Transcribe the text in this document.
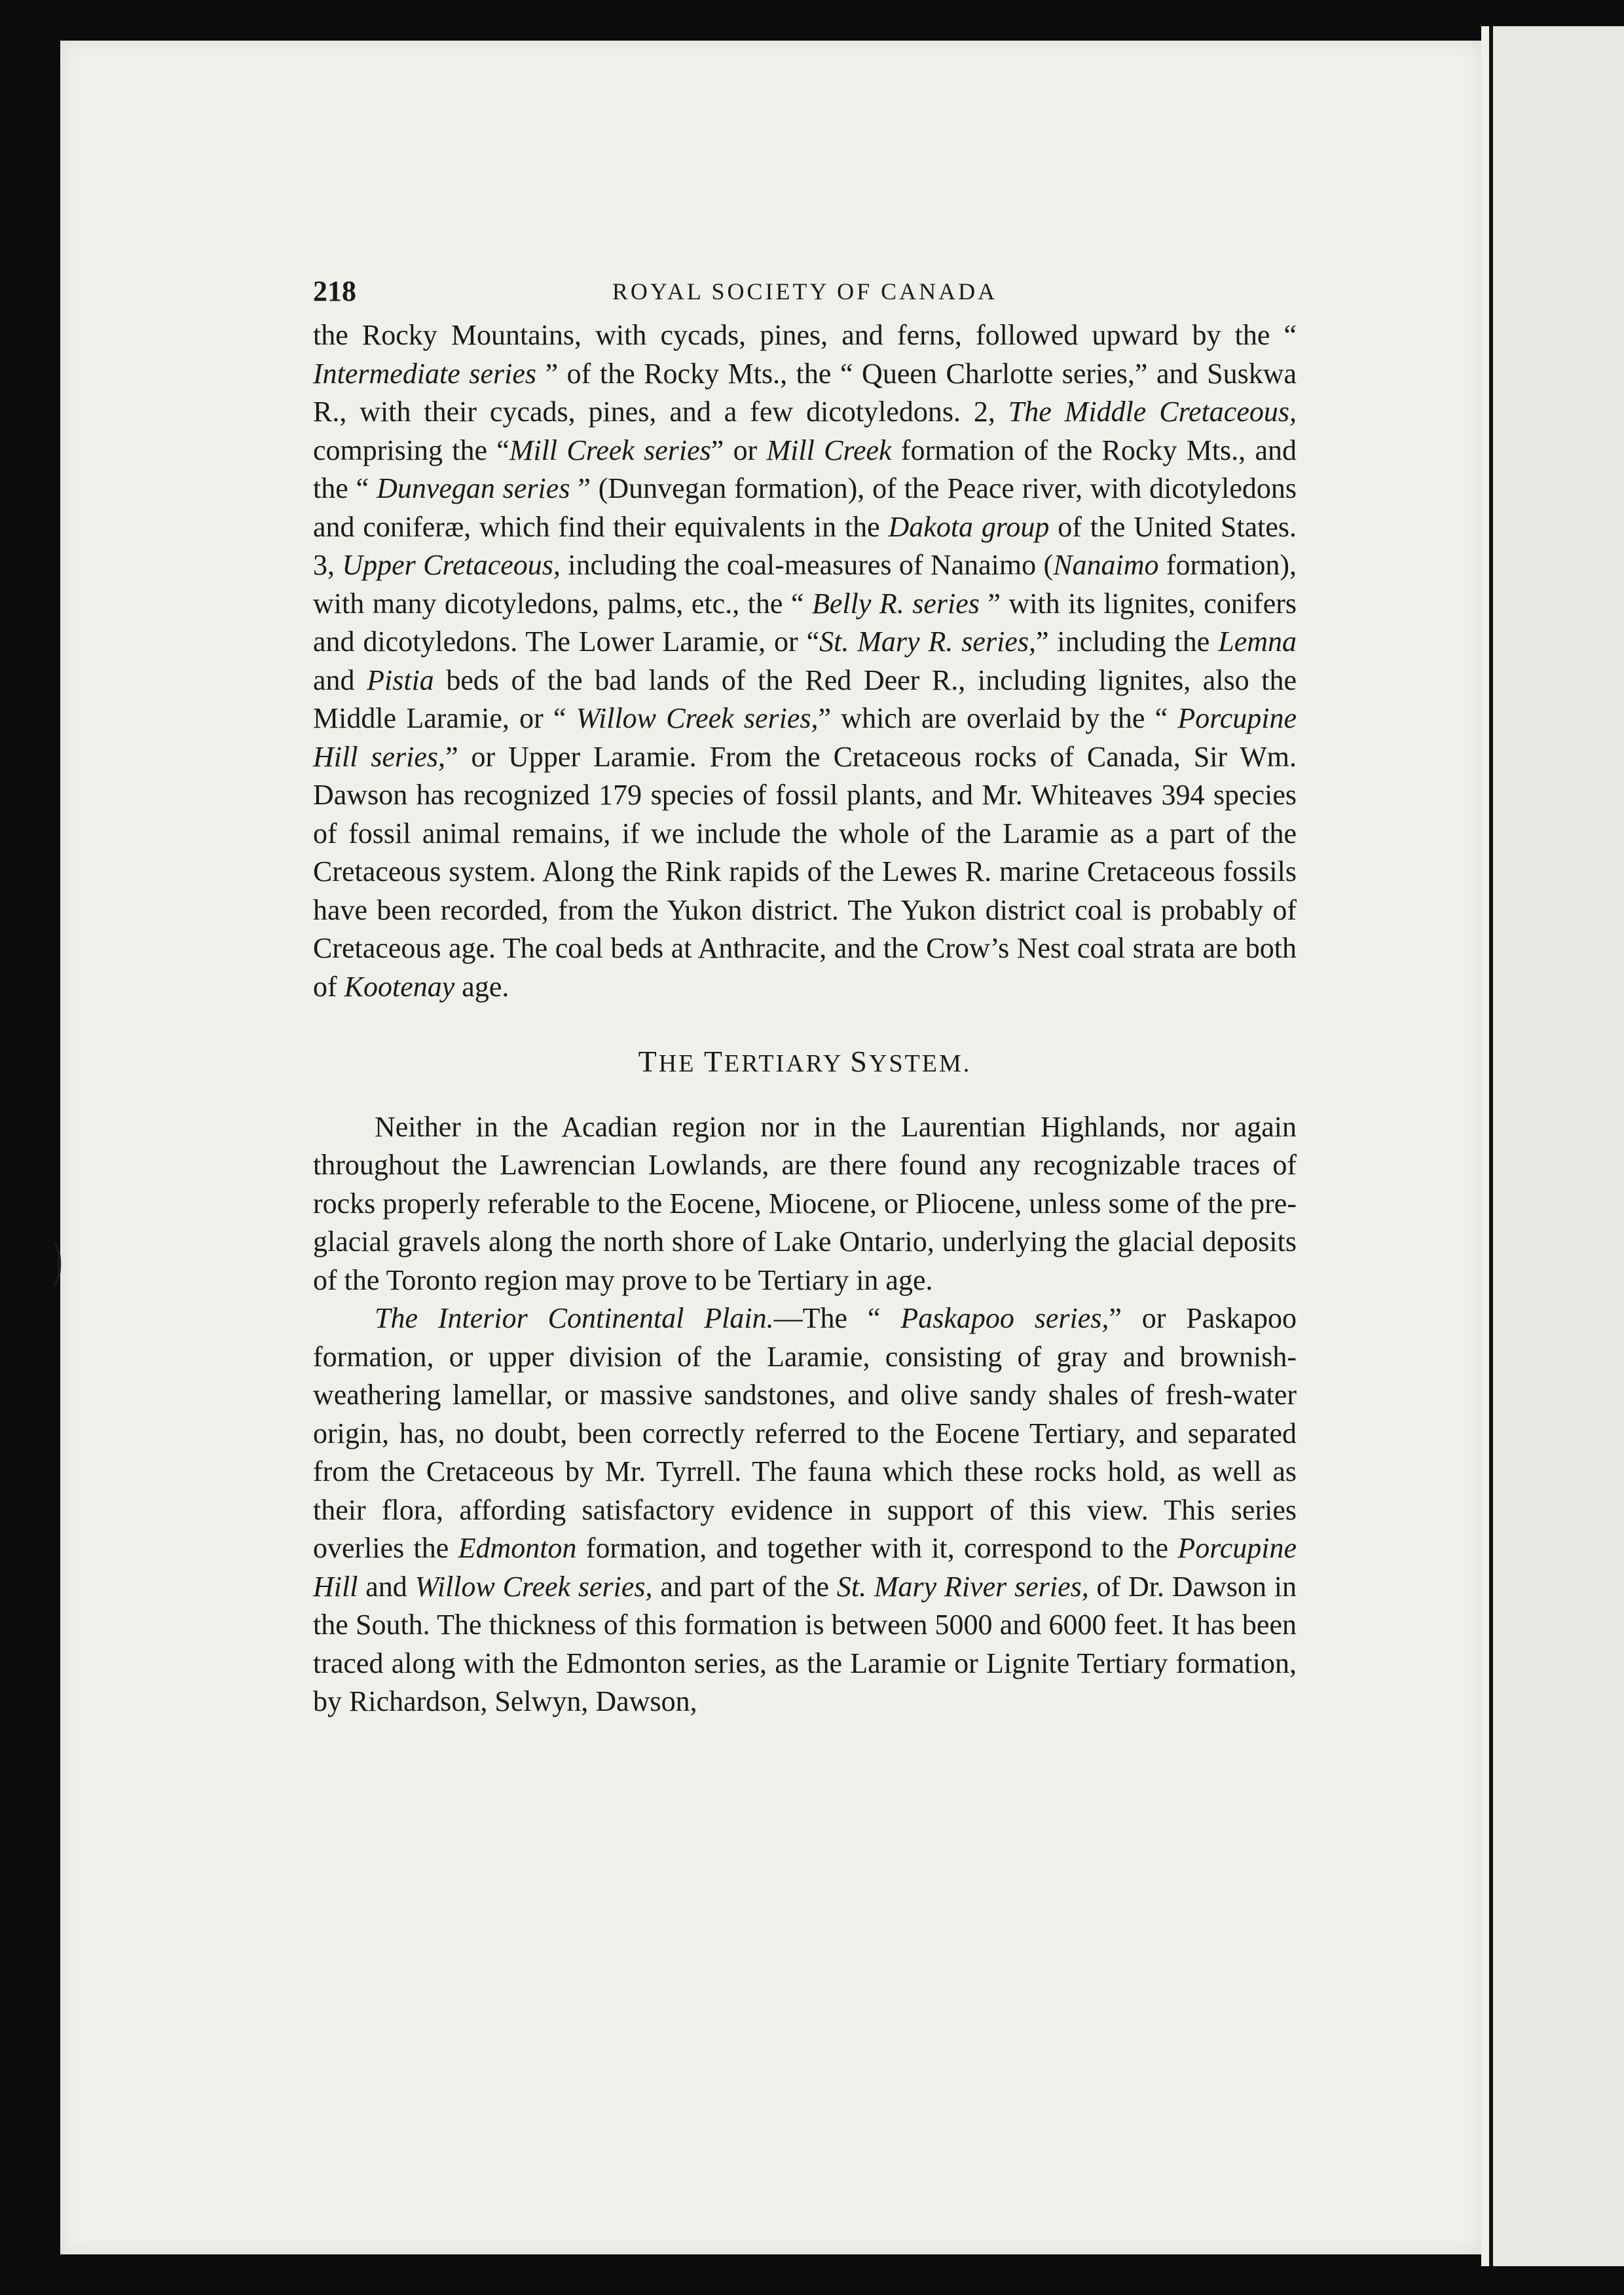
)
218	ROYAL SOCIETY OF CANADA

the Rocky Mountains, with cycads, pines, and ferns, followed upward by the “ Intermediate series ” of the Rocky Mts., the “ Queen Charlotte series,” and Suskwa R., with their cycads, pines, and a few dicotyledons. 2, The Middle Cretaceous, comprising the “Mill Creek series” or Mill Creek formation of the Rocky Mts., and the “ Dunvegan series ” (Dunvegan formation), of the Peace river, with dicotyledons and coniferæ, which find their equivalents in the Dakota group of the United States. 3, Upper Cretaceous, including the coal-measures of Nanaimo (Nanaimo formation), with many dicotyledons, palms, etc., the “ Belly R. series ” with its lignites, conifers and dicotyledons. The Lower Laramie, or “St. Mary R. series,” including the Lemna and Pistia beds of the bad lands of the Red Deer R., including lignites, also the Middle Laramie, or “ Willow Creek series,” which are overlaid by the “ Porcupine Hill series,” or Upper Laramie. From the Cretaceous rocks of Canada, Sir Wm. Dawson has recognized 179 species of fossil plants, and Mr. Whiteaves 394 species of fossil animal remains, if we include the whole of the Laramie as a part of the Cretaceous system. Along the Rink rapids of the Lewes R. marine Cretaceous fossils have been recorded, from the Yukon district. The Yukon district coal is probably of Cretaceous age. The coal beds at Anthracite, and the Crow’s Nest coal strata are both of Kootenay age.

THE TERTIARY SYSTEM.

Neither in the Acadian region nor in the Laurentian Highlands, nor again throughout the Lawrencian Lowlands, are there found any recognizable traces of rocks properly referable to the Eocene, Miocene, or Pliocene, unless some of the pre-glacial gravels along the north shore of Lake Ontario, underlying the glacial deposits of the Toronto region may prove to be Tertiary in age.

The Interior Continental Plain.—The “ Paskapoo series,” or Paskapoo formation, or upper division of the Laramie, consisting of gray and brownish-weathering lamellar, or massive sandstones, and olive sandy shales of fresh-water origin, has, no doubt, been correctly referred to the Eocene Tertiary, and separated from the Cretaceous by Mr. Tyrrell. The fauna which these rocks hold, as well as their flora, affording satisfactory evidence in support of this view. This series overlies the Edmonton formation, and together with it, correspond to the Porcupine Hill and Willow Creek series, and part of the St. Mary River series, of Dr. Dawson in the South. The thickness of this formation is between 5000 and 6000 feet. It has been traced along with the Edmonton series, as the Laramie or Lignite Tertiary formation, by Richardson, Selwyn, Dawson,
